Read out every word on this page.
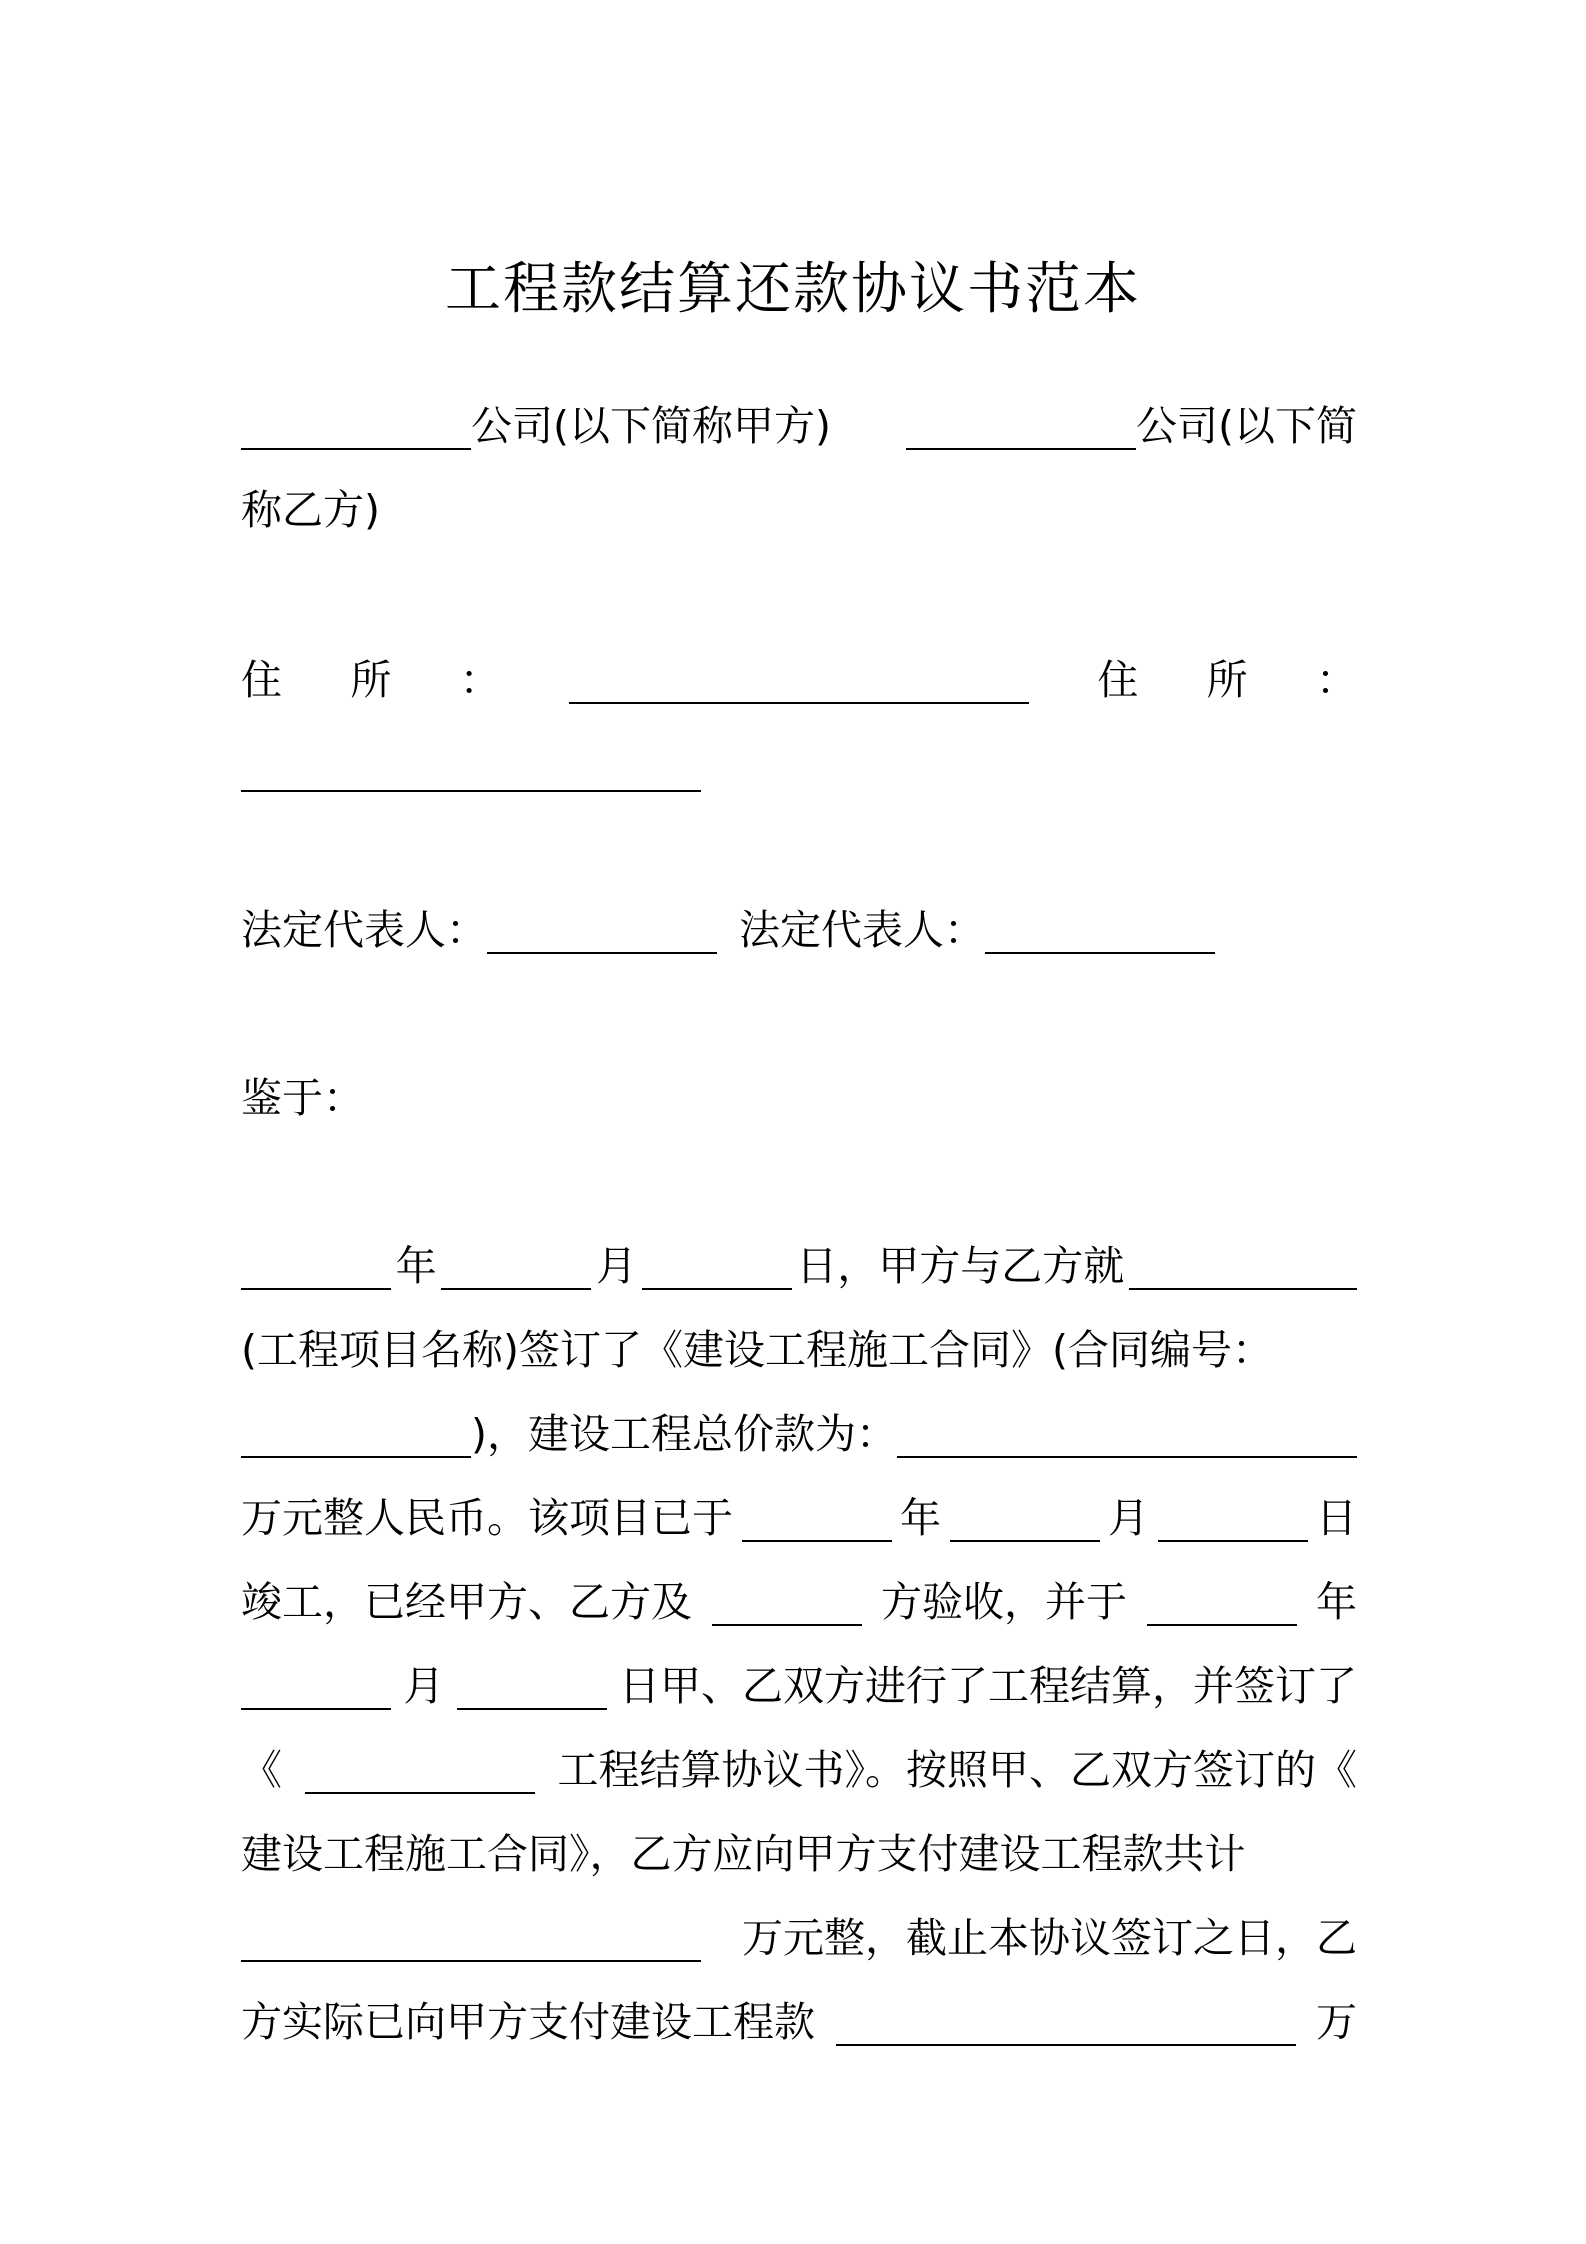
工程款结算还款协议书范本
公司(以下简称甲方)	公司(以下简
称乙方)
住 所 ：	住 所 ：
法定代表人：	法定代表人：
鉴于：
年	月	日，甲方与乙方就
(工程项目名称)签订了《建设工程施工合同》(合同编号：
)，建设工程总价款为：
万元整人民币。该项目已于	年	月	日
竣工，已经甲方、乙方及	方验收，并于	年
月	日甲、乙双方进行了工程结算，并签订了
《	工程结算协议书》。按照甲、乙双方签订的《
建设工程施工合同》，乙方应向甲方支付建设工程款共计
万元整，截止本协议签订之日，乙
方实际已向甲方支付建设工程款	万
